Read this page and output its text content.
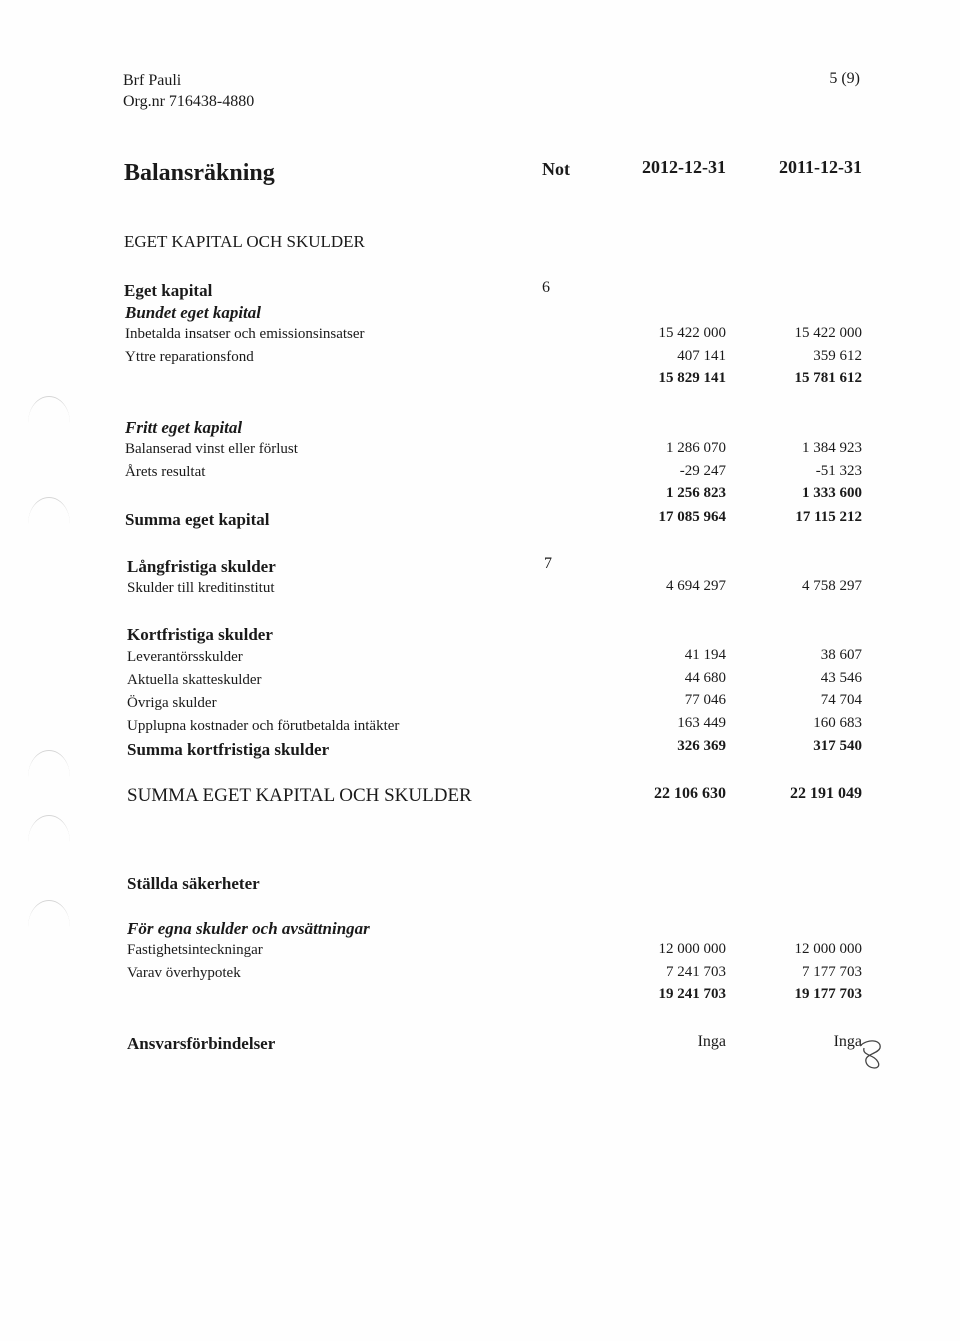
Brf Pauli
Org.nr 716438-4880
5 (9)
Balansräkning	Not	2012-12-31	2011-12-31
EGET KAPITAL OCH SKULDER
Eget kapital	6
Bundet eget kapital
Inbetalda insatser och emissionsinsatser	15 422 000	15 422 000
Yttre reparationsfond	407 141	359 612
15 829 141	15 781 612
Fritt eget kapital
Balanserad vinst eller förlust	1 286 070	1 384 923
Årets resultat	-29 247	-51 323
1 256 823	1 333 600
Summa eget kapital	17 085 964	17 115 212
Långfristiga skulder	7
Skulder till kreditinstitut	4 694 297	4 758 297
Kortfristiga skulder
Leverantörsskulder	41 194	38 607
Aktuella skatteskulder	44 680	43 546
Övriga skulder	77 046	74 704
Upplupna kostnader och förutbetalda intäkter	163 449	160 683
Summa kortfristiga skulder	326 369	317 540
SUMMA EGET KAPITAL OCH SKULDER	22 106 630	22 191 049
Ställda säkerheter
För egna skulder och avsättningar
Fastighetsinteckningar	12 000 000	12 000 000
Varav överhypotek	7 241 703	7 177 703
19 241 703	19 177 703
Ansvarsförbindelser	Inga	Inga
